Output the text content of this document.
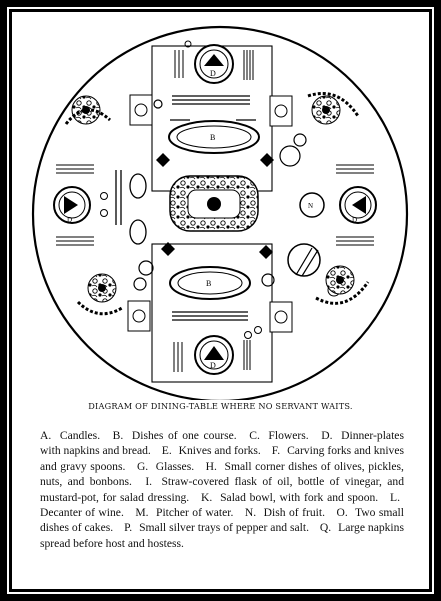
D
B
B
D
D	D
N
DIAGRAM OF DINING-TABLE WHERE NO SERVANT WAITS.
A. Candles. B. Dishes of one course. C. Flowers. D. Dinner-plates with napkins and bread. E. Knives and forks. F. Carving forks and knives and gravy spoons. G. Glasses. H. Small corner dishes of olives, pickles, nuts, and bonbons. I. Straw-covered flask of oil, bottle of vinegar, and mustard-pot, for salad dressing. K. Salad bowl, with fork and spoon. L. Decanter of wine. M. Pitcher of water. N. Dish of fruit. O. Two small dishes of cakes. P. Small silver trays of pepper and salt. Q. Large napkins spread before host and hostess.
